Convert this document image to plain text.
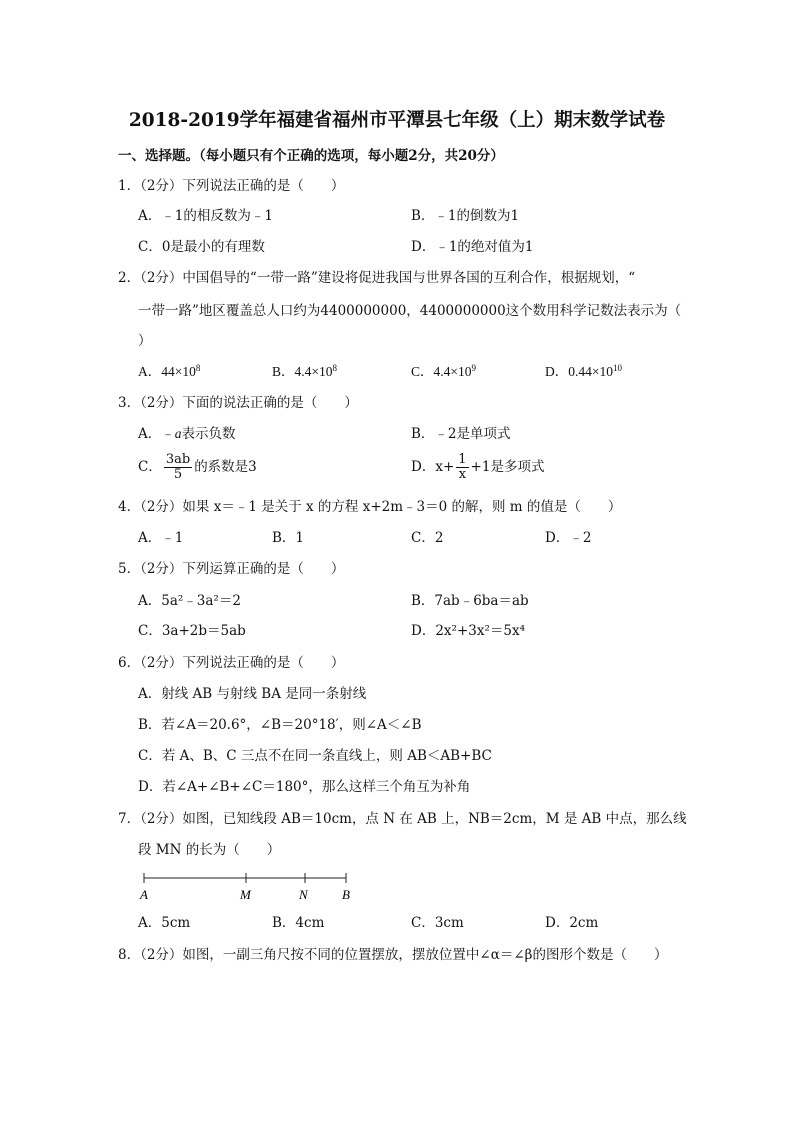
2018-2019学年福建省福州市平潭县七年级（上）期末数学试卷
一、选择题。（每小题只有个正确的选项，每小题2分，共20分）
1．（2分）下列说法正确的是（　　）
A．﹣1的相反数为﹣1	B．﹣1的倒数为1
C．0是最小的有理数	D．﹣1的绝对值为1
2．（2分）中国倡导的“一带一路”建设将促进我国与世界各国的互利合作，根据规划，“
一带一路”地区覆盖总人口约为4400000000，4400000000这个数用科学记数法表示为（
）
A．$44\times 10^8$	B．$4.4\times 10^8$	C．$4.4\times 10^9$	D．$0.44\times 10^{10}$
3．（2分）下面的说法正确的是（　　）
A．﹣a表示负数	B．﹣2是单项式
C． $\frac{3ab}{5}$ 的系数是3	D．$x+ \frac{1}{x} +1$是多项式
4．（2分）如果 x＝﹣1 是关于 x 的方程 x+2m﹣3＝0 的解，则 m 的值是（　　）
A．﹣1	B．1	C．2	D．﹣2
5．（2分）下列运算正确的是（　　）
A．5a²﹣3a²＝2	B．7ab﹣6ba＝ab
C．3a+2b＝5ab	D．2x²+3x²＝5x⁴
6．（2分）下列说法正确的是（　　）
A．射线 AB 与射线 BA 是同一条射线
B．若∠A＝20.6°，∠B＝20°18′，则∠A＜∠B
C．若 A、B、C 三点不在同一条直线上，则 AB＜AB+BC
D．若∠A+∠B+∠C＝180°，那么这样三个角互为补角
7．（2分）如图，已知线段 AB＝10cm，点 N 在 AB 上，NB＝2cm，M 是 AB 中点，那么线
段 MN 的长为（　　）
A	M	N	B
A．5cm	B．4cm	C．3cm	D．2cm
8．（2分）如图，一副三角尺按不同的位置摆放，摆放位置中∠α＝∠β的图形个数是（　　）
